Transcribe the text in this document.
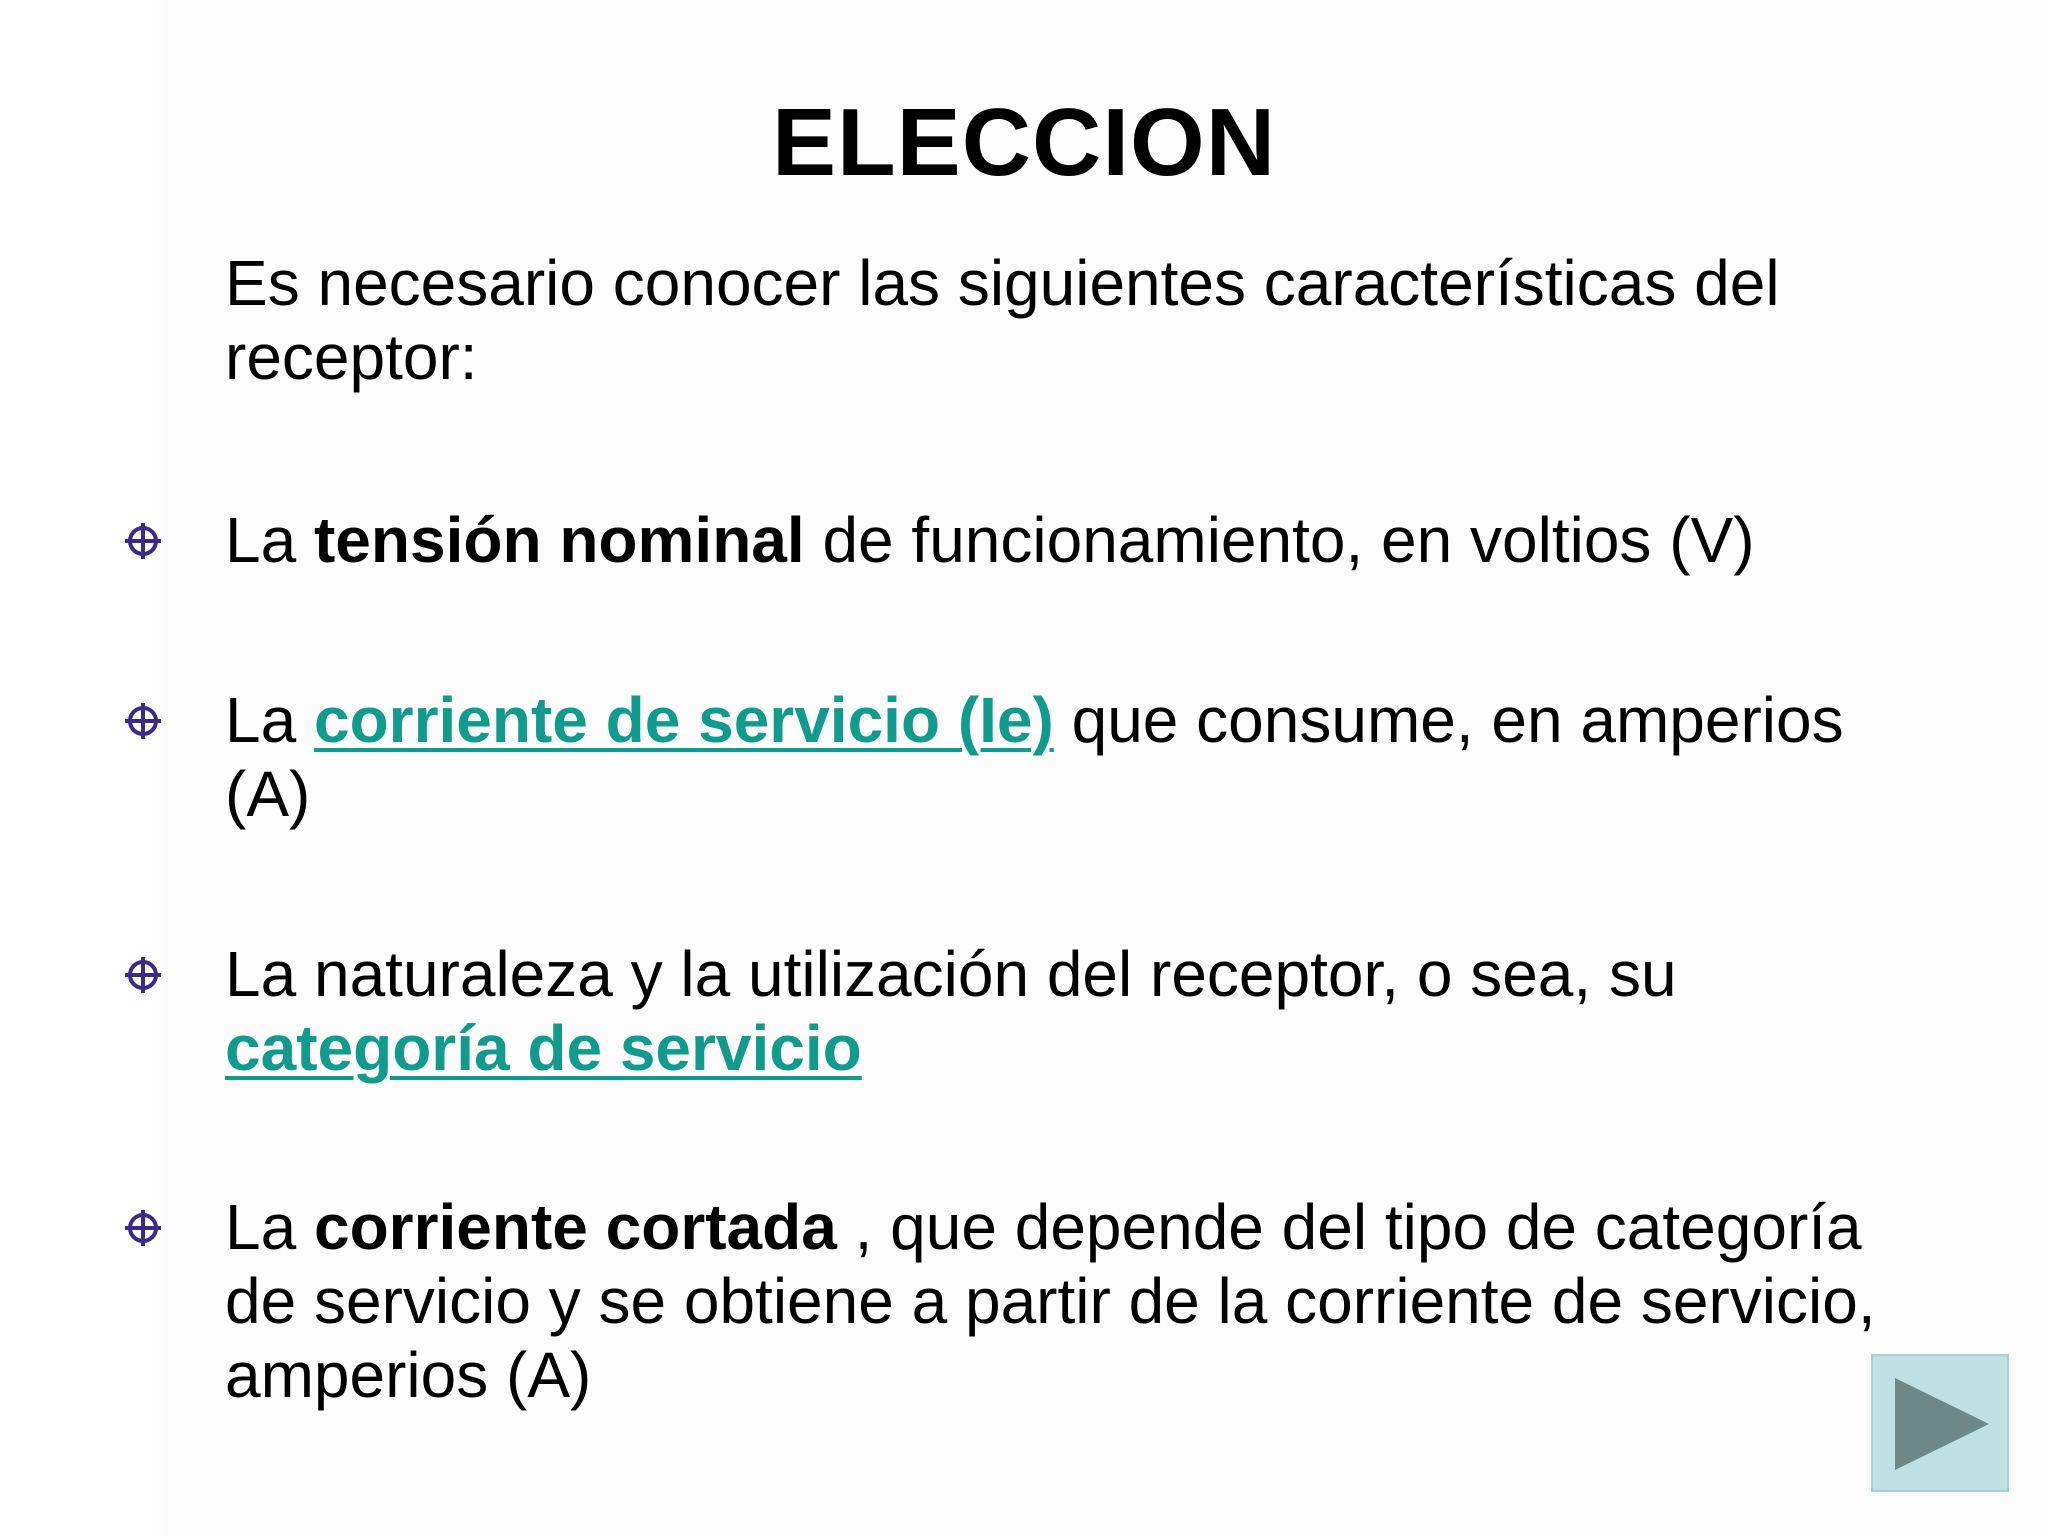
ELECCION
Es necesario conocer las siguientes características del receptor:
La tensión nominal de funcionamiento, en voltios (V)
La corriente de servicio (Ie) que consume, en amperios (A)
La naturaleza y la utilización del receptor, o sea, su categoría de servicio
La corriente cortada , que depende del tipo de categoría de servicio y se obtiene a partir de la corriente de servicio, amperios (A)
